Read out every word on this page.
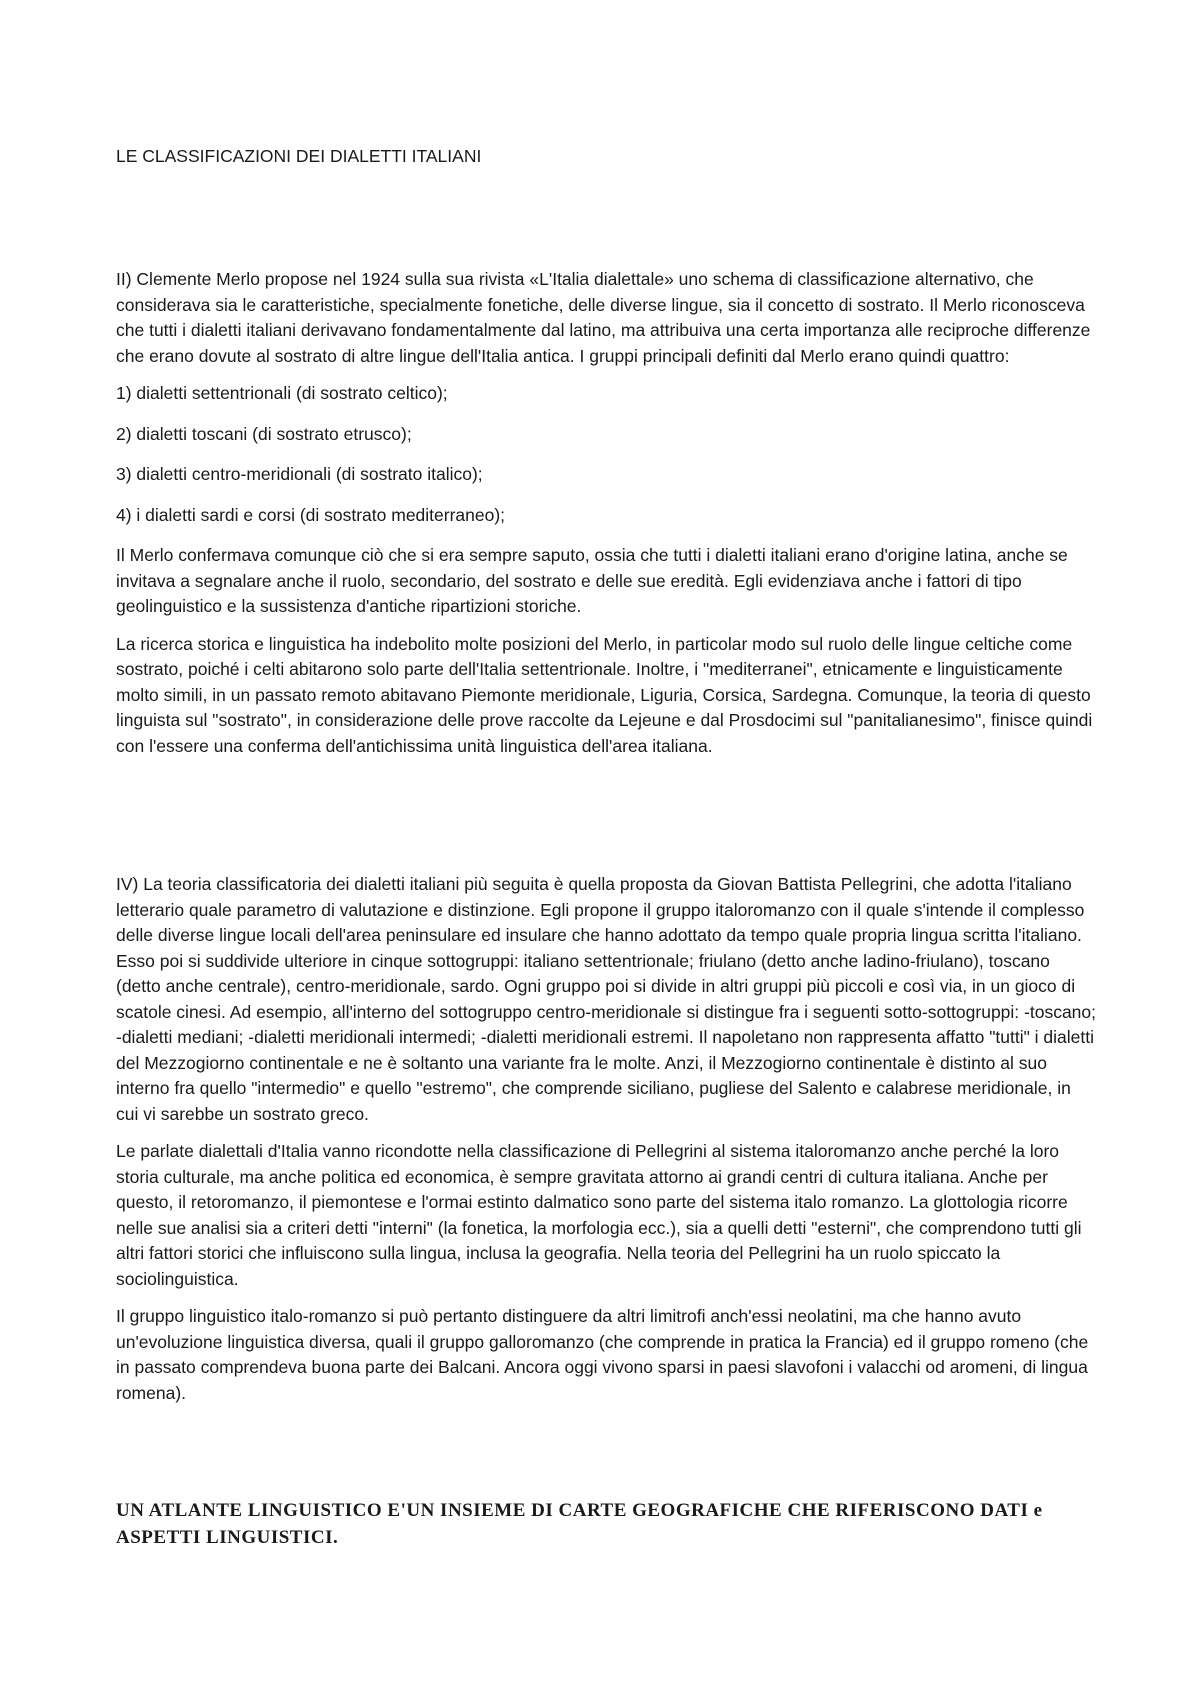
LE CLASSIFICAZIONI DEI DIALETTI ITALIANI

II) Clemente Merlo propose nel 1924 sulla sua rivista «L'Italia dialettale» uno schema di classificazione alternativo, che considerava sia le caratteristiche, specialmente fonetiche, delle diverse lingue, sia il concetto di sostrato. Il Merlo riconosceva che tutti i dialetti italiani derivavano fondamentalmente dal latino, ma attribuiva una certa importanza alle reciproche differenze che erano dovute al sostrato di altre lingue dell'Italia antica. I gruppi principali definiti dal Merlo erano quindi quattro:

1) dialetti settentrionali (di sostrato celtico);

2) dialetti toscani (di sostrato etrusco);

3) dialetti centro-meridionali (di sostrato italico);

4) i dialetti sardi e corsi (di sostrato mediterraneo);

Il Merlo confermava comunque ciò che si era sempre saputo, ossia che tutti i dialetti italiani erano d'origine latina, anche se invitava a segnalare anche il ruolo, secondario, del sostrato e delle sue eredità. Egli evidenziava anche i fattori di tipo geolinguistico e la sussistenza d'antiche ripartizioni storiche.

La ricerca storica e linguistica ha indebolito molte posizioni del Merlo, in particolar modo sul ruolo delle lingue celtiche come sostrato, poiché i celti abitarono solo parte dell'Italia settentrionale. Inoltre, i "mediterranei", etnicamente e linguisticamente molto simili, in un passato remoto abitavano Piemonte meridionale, Liguria, Corsica, Sardegna. Comunque, la teoria di questo linguista sul "sostrato", in considerazione delle prove raccolte da Lejeune e dal Prosdocimi sul "panitalianesimo", finisce quindi con l'essere una conferma dell'antichissima unità linguistica dell'area italiana.

IV) La teoria classificatoria dei dialetti italiani più seguita è quella proposta da Giovan Battista Pellegrini, che adotta l'italiano letterario quale parametro di valutazione e distinzione. Egli propone il gruppo italoromanzo con il quale s'intende il complesso delle diverse lingue locali dell'area peninsulare ed insulare che hanno adottato da tempo quale propria lingua scritta l'italiano. Esso poi si suddivide ulteriore in cinque sottogruppi: italiano settentrionale; friulano (detto anche ladino-friulano), toscano (detto anche centrale), centro-meridionale, sardo. Ogni gruppo poi si divide in altri gruppi più piccoli e così via, in un gioco di scatole cinesi. Ad esempio, all'interno del sottogruppo centro-meridionale si distingue fra i seguenti sotto-sottogruppi: -toscano; -dialetti mediani; -dialetti meridionali intermedi; -dialetti meridionali estremi. Il napoletano non rappresenta affatto "tutti" i dialetti del Mezzogiorno continentale e ne è soltanto una variante fra le molte. Anzi, il Mezzogiorno continentale è distinto al suo interno fra quello "intermedio" e quello "estremo", che comprende siciliano, pugliese del Salento e calabrese meridionale, in cui vi sarebbe un sostrato greco.

Le parlate dialettali d'Italia vanno ricondotte nella classificazione di Pellegrini al sistema italoromanzo anche perché la loro storia culturale, ma anche politica ed economica, è sempre gravitata attorno ai grandi centri di cultura italiana. Anche per questo, il retoromanzo, il piemontese e l'ormai estinto dalmatico sono parte del sistema italo romanzo. La glottologia ricorre nelle sue analisi sia a criteri detti "interni" (la fonetica, la morfologia ecc.), sia a quelli detti "esterni", che comprendono tutti gli altri fattori storici che influiscono sulla lingua, inclusa la geografia. Nella teoria del Pellegrini ha un ruolo spiccato la sociolinguistica.

Il gruppo linguistico italo-romanzo si può pertanto distinguere da altri limitrofi anch'essi neolatini, ma che hanno avuto un'evoluzione linguistica diversa, quali il gruppo galloromanzo (che comprende in pratica la Francia) ed il gruppo romeno (che in passato comprendeva buona parte dei Balcani. Ancora oggi vivono sparsi in paesi slavofoni i valacchi od aromeni, di lingua romena).

UN ATLANTE LINGUISTICO E'UN INSIEME DI CARTE GEOGRAFICHE CHE RIFERISCONO DATI e ASPETTI LINGUISTICI.
